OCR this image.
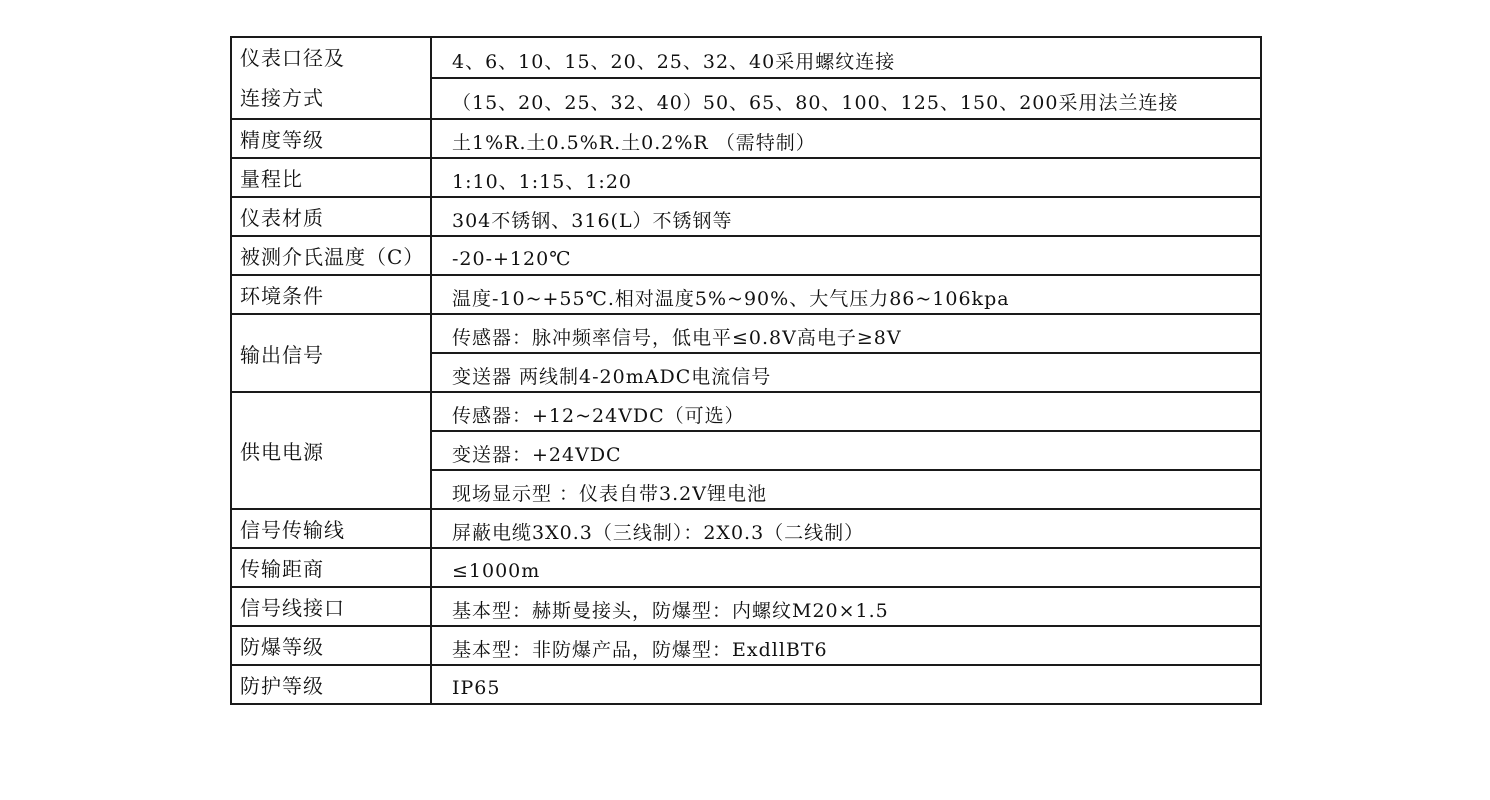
仪表口径及
连接方式	4、6、10、15、20、25、32、40采用螺纹连接
	（15、20、25、32、40）50、65、80、100、125、150、200采用法兰连接
精度等级	土1%R.土0.5%R.土0.2%R （需特制）
量程比	1:10、1:15、1:20
仪表材质	304不锈钢、316(L）不锈钢等
被测介氏温度（C）	-20-+120℃
环境条件	温度-10~+55℃.相对温度5%~90%、大气压力86~106kpa
输出信号	传感器：脉冲频率信号，低电平≤0.8V高电子≥8V
	变送器 两线制4-20mADC电流信号
供电电源	传感器：+12~24VDC（可选）
	变送器：+24VDC
	现场显示型 ：仪表自带3.2V锂电池
信号传输线	屏蔽电缆3X0.3（三线制）：2X0.3（二线制）
传输距商	≤1000m
信号线接口	基本型：赫斯曼接头，防爆型：内螺纹M20×1.5
防爆等级	基本型：非防爆产品，防爆型：ExdllBT6
防护等级	IP65
